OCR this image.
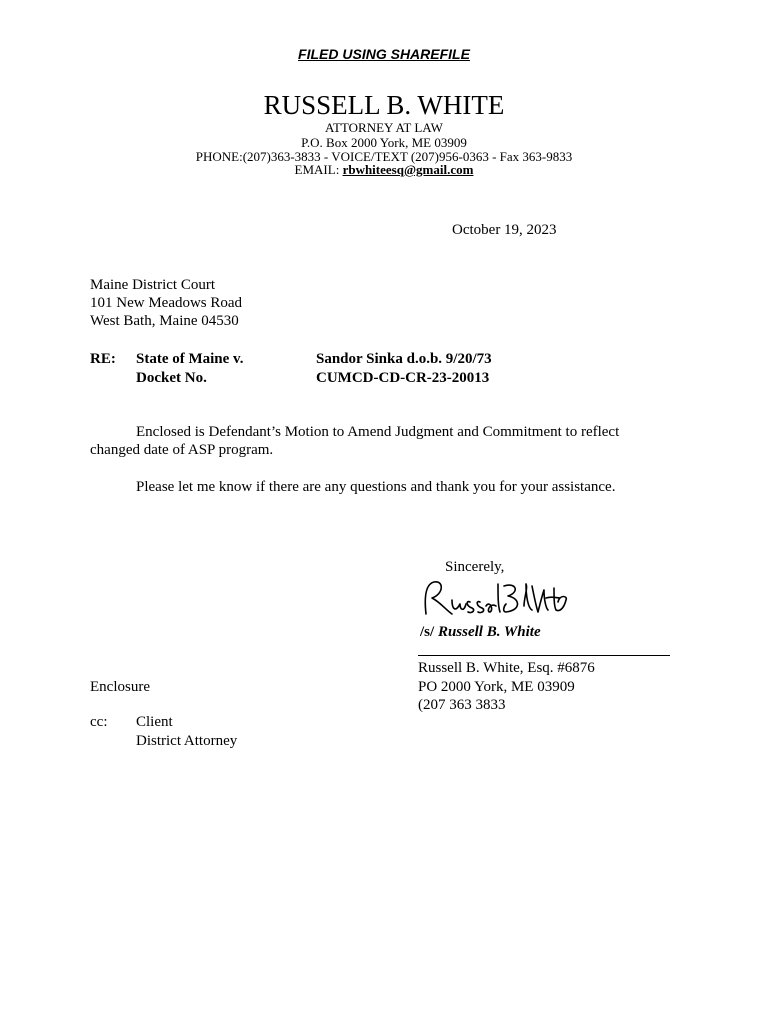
FILED USING SHAREFILE
RUSSELL B. WHITE
ATTORNEY AT LAW
P.O. Box 2000 York, ME 03909
PHONE:(207)363-3833 - VOICE/TEXT (207)956-0363 - Fax 363-9833
EMAIL: rbwhiteesq@gmail.com
October 19, 2023
Maine District Court
101 New Meadows Road
West Bath, Maine 04530
RE: State of Maine v.	Sandor Sinka d.o.b. 9/20/73
Docket No.	CUMCD-CD-CR-23-20013
Enclosed is Defendant’s Motion to Amend Judgment and Commitment to reflect
changed date of ASP program.
Please let me know if there are any questions and thank you for your assistance.
Sincerely,
/s/ Russell B. White
Russell B. White, Esq. #6876
PO 2000 York, ME 03909
(207 363 3833
Enclosure
cc: Client
District Attorney
